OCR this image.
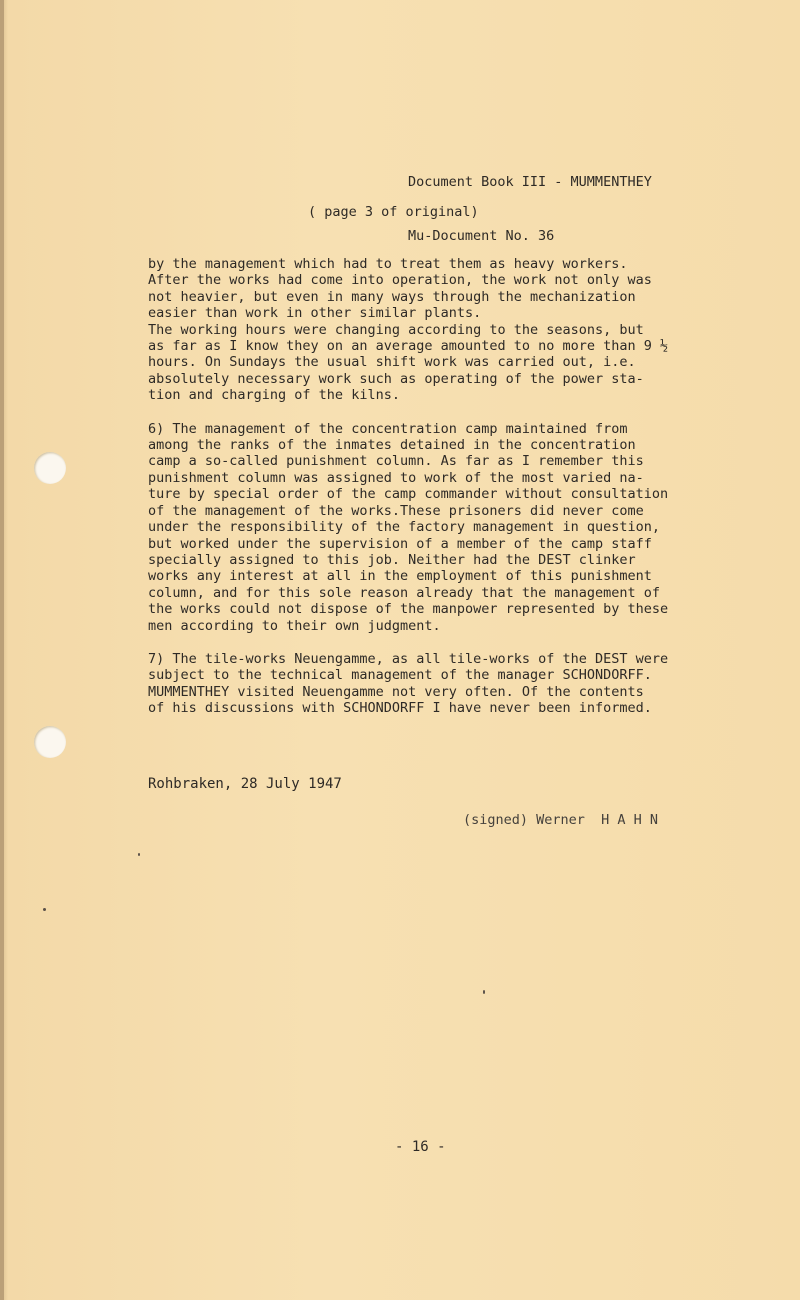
Document Book III - MUMMENTHEY

Mu-Document No. 36

( page 3 of original)
by the management which had to treat them as heavy workers.
After the works had come into operation, the work not only was
not heavier, but even in many ways through the mechanization
easier than work in other similar plants.
The working hours were changing according to the seasons, but
as far as I know they on an average amounted to no more than 9 ½
hours. On Sundays the usual shift work was carried out, i.e.
absolutely necessary work such as operating of the power sta-
tion and charging of the kilns.
6) The management of the concentration camp maintained from
among the ranks of the inmates detained in the concentration
camp a so-called punishment column. As far as I remember this
punishment column was assigned to work of the most varied na-
ture by special order of the camp commander without consultation
of the management of the works.These prisoners did never come
under the responsibility of the factory management in question,
but worked under the supervision of a member of the camp staff
specially assigned to this job. Neither had the DEST clinker
works any interest at all in the employment of this punishment
column, and for this sole reason already that the management of
the works could not dispose of the manpower represented by these
men according to their own judgment.
7) The tile-works Neuengamme, as all tile-works of the DEST were
subject to the technical management of the manager SCHONDORFF.
MUMMENTHEY visited Neuengamme not very often. Of the contents
of his discussions with SCHONDORFF I have never been informed.
Rohbraken, 28 July 1947
(signed) Werner  H A H N
- 16 -
